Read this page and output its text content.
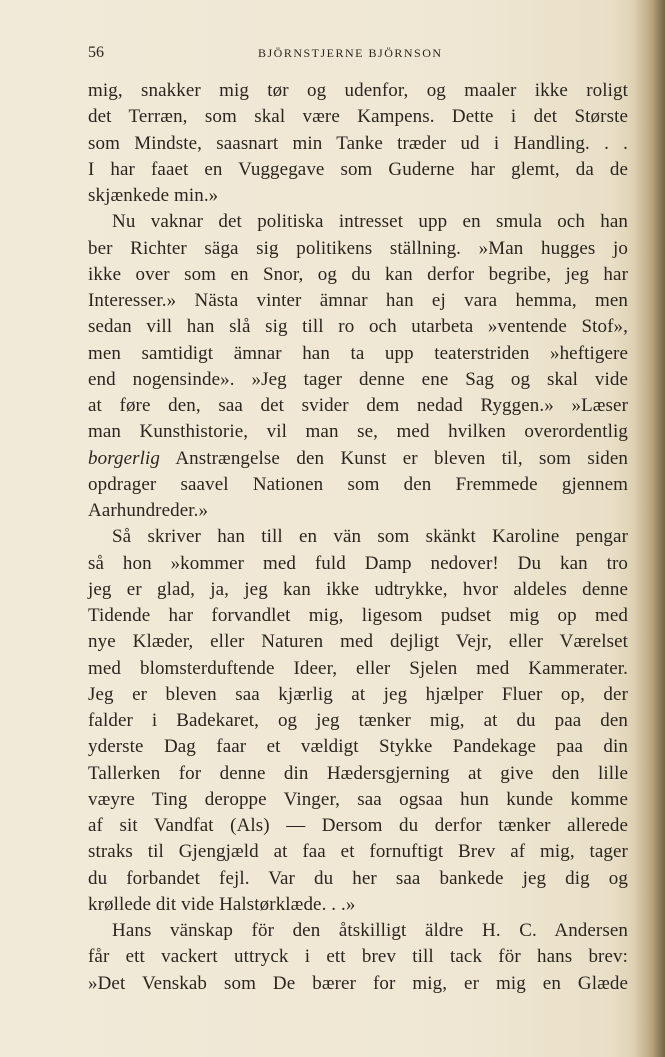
56	BJÖRNSTJERNE BJÖRNSON
mig, snakker mig tør og udenfor, og maaler ikke roligt
det Terræn, som skal være Kampens. Dette i det Største
som Mindste, saasnart min Tanke træder ud i Handling. . .
I har faaet en Vuggegave som Guderne har glemt, da de
skjænkede min.»
Nu vaknar det politiska intresset upp en smula och han
ber Richter säga sig politikens ställning. »Man hugges jo
ikke over som en Snor, og du kan derfor begribe, jeg har
Interesser.» Nästa vinter ämnar han ej vara hemma, men
sedan vill han slå sig till ro och utarbeta »ventende Stof»,
men samtidigt ämnar han ta upp teaterstriden »heftigere
end nogensinde». »Jeg tager denne ene Sag og skal vide
at føre den, saa det svider dem nedad Ryggen.» »Læser
man Kunsthistorie, vil man se, med hvilken overordentlig
borgerlig Anstrængelse den Kunst er bleven til, som siden
opdrager saavel Nationen som den Fremmede gjennem
Aarhundreder.»
Så skriver han till en vän som skänkt Karoline pengar
så hon »kommer med fuld Damp nedover! Du kan tro
jeg er glad, ja, jeg kan ikke udtrykke, hvor aldeles denne
Tidende har forvandlet mig, ligesom pudset mig op med
nye Klæder, eller Naturen med dejligt Vejr, eller Værelset
med blomsterduftende Ideer, eller Sjelen med Kammerater.
Jeg er bleven saa kjærlig at jeg hjælper Fluer op, der
falder i Badekaret, og jeg tænker mig, at du paa den
yderste Dag faar et vældigt Stykke Pandekage paa din
Tallerken for denne din Hædersgjerning at give den lille
væyre Ting deroppe Vinger, saa ogsaa hun kunde komme
af sit Vandfat (Als) — Dersom du derfor tænker allerede
straks til Gjengjæld at faa et fornuftigt Brev af mig, tager
du forbandet fejl. Var du her saa bankede jeg dig og
krøllede dit vide Halstørklæde. . .»
Hans vänskap för den åtskilligt äldre H. C. Andersen
får ett vackert uttryck i ett brev till tack för hans brev:
»Det Venskab som De bærer for mig, er mig en Glæde
